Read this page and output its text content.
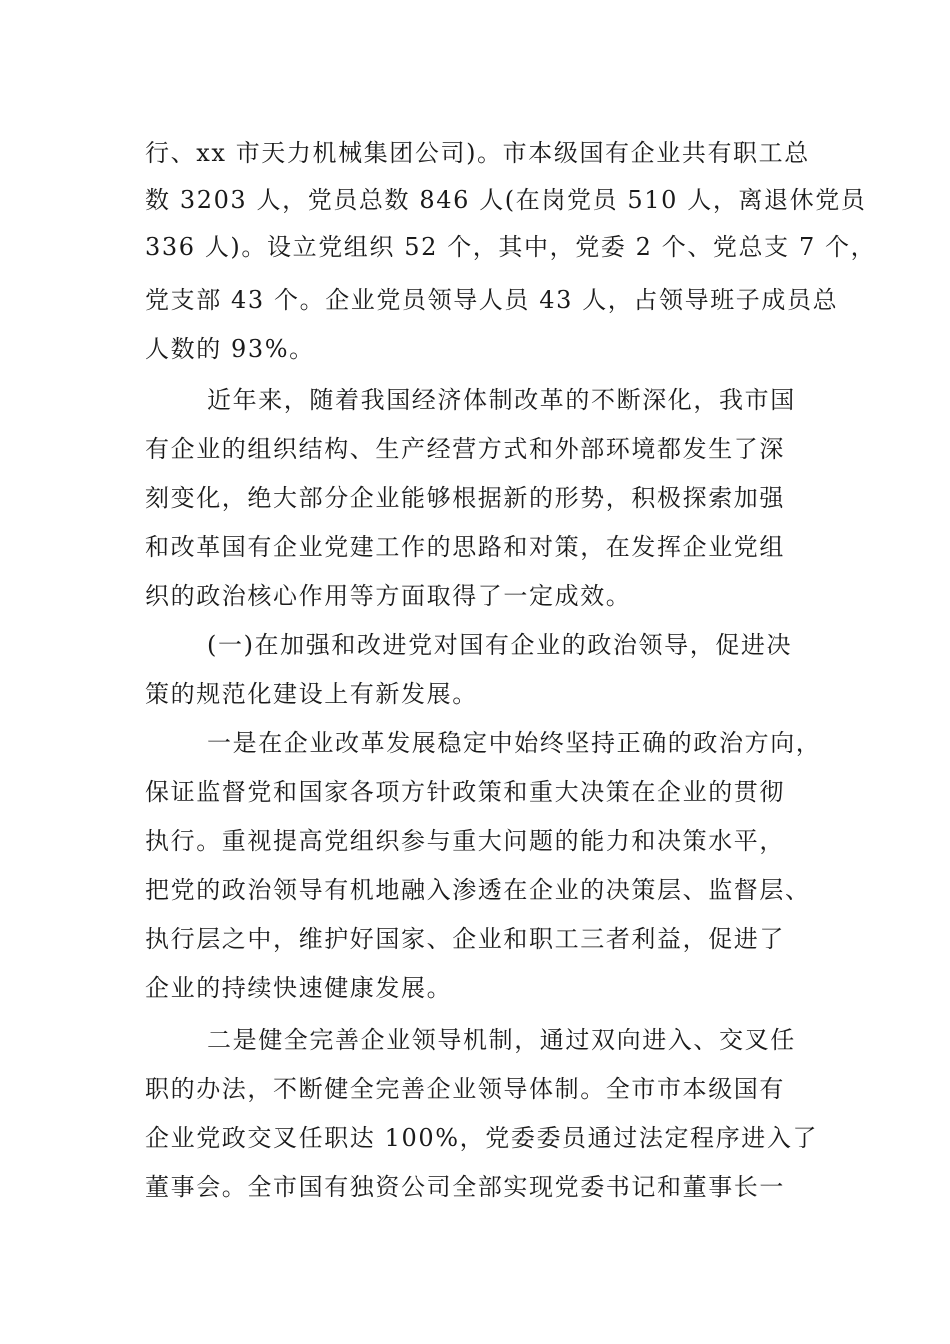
行、xx 市天力机械集团公司)。市本级国有企业共有职工总
数 3203 人，党员总数 846 人(在岗党员 510 人，离退休党员
336 人)。设立党组织 52 个，其中，党委 2 个、党总支 7 个，
党支部 43 个。企业党员领导人员 43 人，占领导班子成员总
人数的 93%。
近年来，随着我国经济体制改革的不断深化，我市国
有企业的组织结构、生产经营方式和外部环境都发生了深
刻变化，绝大部分企业能够根据新的形势，积极探索加强
和改革国有企业党建工作的思路和对策，在发挥企业党组
织的政治核心作用等方面取得了一定成效。
(一)在加强和改进党对国有企业的政治领导，促进决
策的规范化建设上有新发展。
一是在企业改革发展稳定中始终坚持正确的政治方向，
保证监督党和国家各项方针政策和重大决策在企业的贯彻
执行。重视提高党组织参与重大问题的能力和决策水平，
把党的政治领导有机地融入渗透在企业的决策层、监督层、
执行层之中，维护好国家、企业和职工三者利益，促进了
企业的持续快速健康发展。
二是健全完善企业领导机制，通过双向进入、交叉任
职的办法，不断健全完善企业领导体制。全市市本级国有
企业党政交叉任职达 100%，党委委员通过法定程序进入了
董事会。全市国有独资公司全部实现党委书记和董事长一
